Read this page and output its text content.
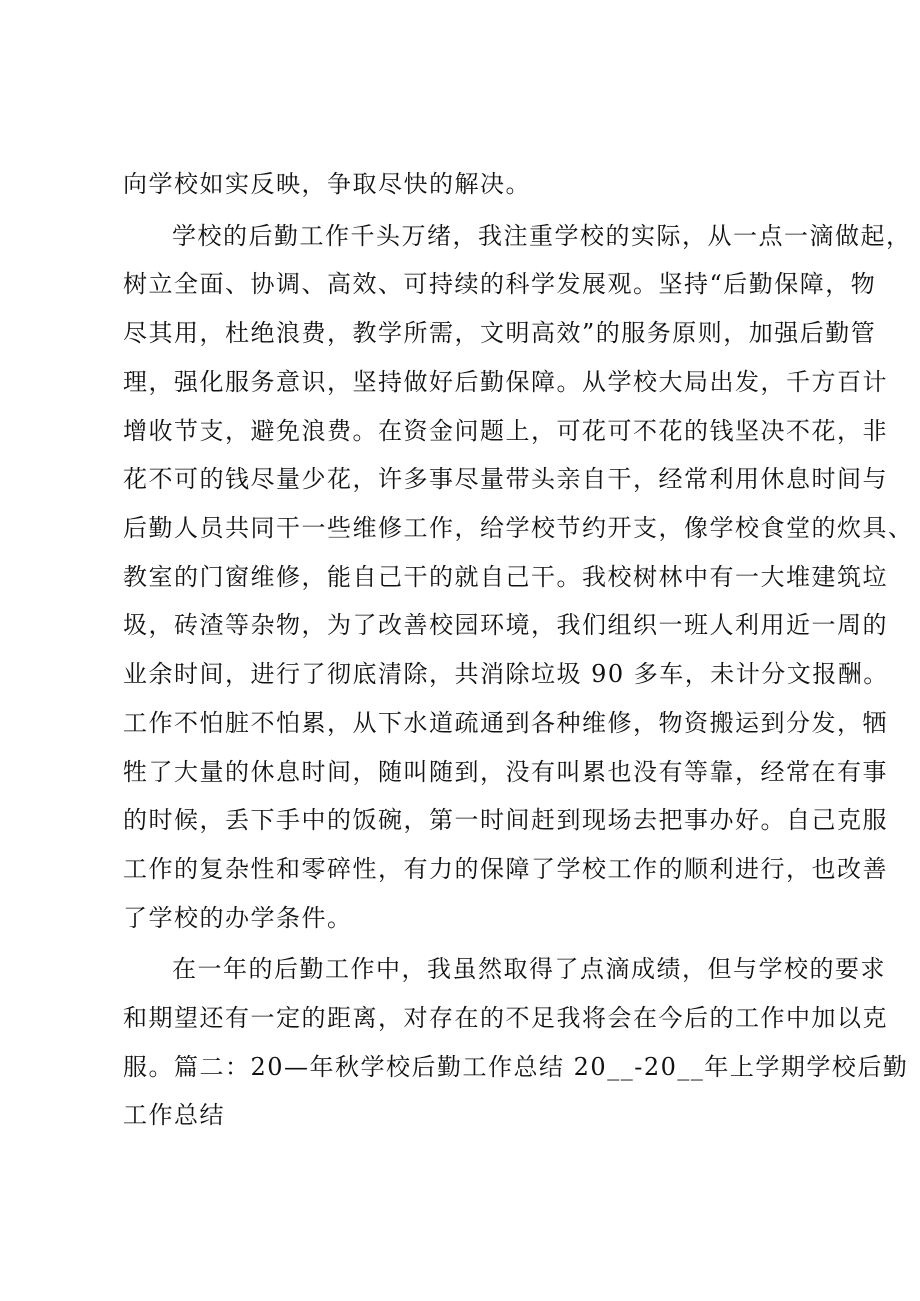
向学校如实反映，争取尽快的解决。

学校的后勤工作千头万绪，我注重学校的实际，从一点一滴做起，

树立全面、协调、高效、可持续的科学发展观。坚持“后勤保障，物

尽其用，杜绝浪费，教学所需，文明高效”的服务原则，加强后勤管

理，强化服务意识，坚持做好后勤保障。从学校大局出发，千方百计

增收节支，避免浪费。在资金问题上，可花可不花的钱坚决不花，非

花不可的钱尽量少花，许多事尽量带头亲自干，经常利用休息时间与

后勤人员共同干一些维修工作，给学校节约开支，像学校食堂的炊具、

教室的门窗维修，能自己干的就自己干。我校树林中有一大堆建筑垃

圾，砖渣等杂物，为了改善校园环境，我们组织一班人利用近一周的

业余时间，进行了彻底清除，共消除垃圾 90 多车，未计分文报酬。

工作不怕脏不怕累，从下水道疏通到各种维修，物资搬运到分发，牺

牲了大量的休息时间，随叫随到，没有叫累也没有等靠，经常在有事

的时候，丢下手中的饭碗，第一时间赶到现场去把事办好。自己克服

工作的复杂性和零碎性，有力的保障了学校工作的顺利进行，也改善

了学校的办学条件。

在一年的后勤工作中，我虽然取得了点滴成绩，但与学校的要求

和期望还有一定的距离，对存在的不足我将会在今后的工作中加以克

服。篇二：20—年秋学校后勤工作总结 20__-20__年上学期学校后勤

工作总结
